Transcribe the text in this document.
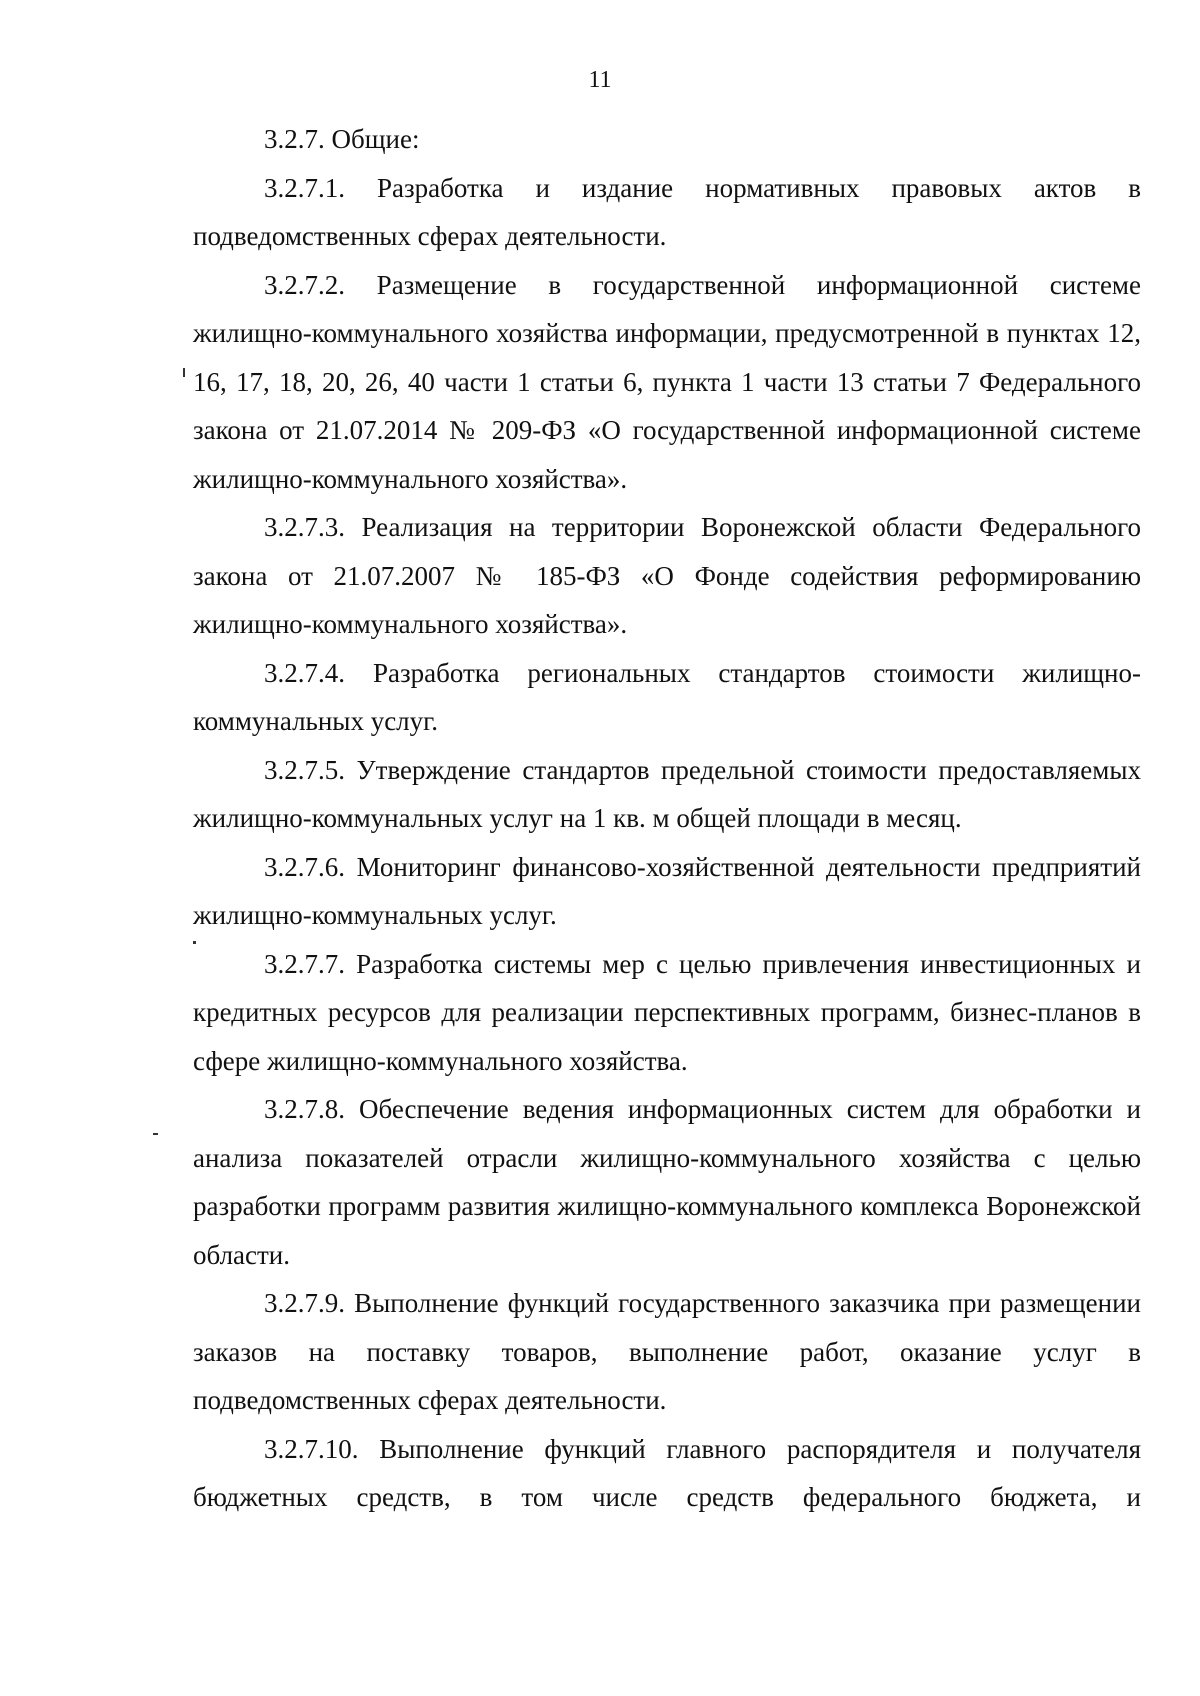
11

3.2.7. Общие:

3.2.7.1. Разработка и издание нормативных правовых актов в подведомственных сферах деятельности.

3.2.7.2. Размещение в государственной информационной системе жилищно-коммунального хозяйства информации, предусмотренной в пунктах 12, 16, 17, 18, 20, 26, 40 части 1 статьи 6, пункта 1 части 13 статьи 7 Федерального закона от 21.07.2014 № 209-ФЗ «О государственной информационной системе жилищно-коммунального хозяйства».

3.2.7.3. Реализация на территории Воронежской области Федерального закона от 21.07.2007 № 185-ФЗ «О Фонде содействия реформированию жилищно-коммунального хозяйства».

3.2.7.4. Разработка региональных стандартов стоимости жилищно-коммунальных услуг.

3.2.7.5. Утверждение стандартов предельной стоимости предоставляемых жилищно-коммунальных услуг на 1 кв. м общей площади в месяц.

3.2.7.6. Мониторинг финансово-хозяйственной деятельности предприятий жилищно-коммунальных услуг.

3.2.7.7. Разработка системы мер с целью привлечения инвестиционных и кредитных ресурсов для реализации перспективных программ, бизнес-планов в сфере жилищно-коммунального хозяйства.

3.2.7.8. Обеспечение ведения информационных систем для обработки и анализа показателей отрасли жилищно-коммунального хозяйства с целью разработки программ развития жилищно-коммунального комплекса Воронежской области.

3.2.7.9. Выполнение функций государственного заказчика при размещении заказов на поставку товаров, выполнение работ, оказание услуг в подведомственных сферах деятельности.

3.2.7.10. Выполнение функций главного распорядителя и получателя бюджетных средств, в том числе средств федерального бюджета, и
